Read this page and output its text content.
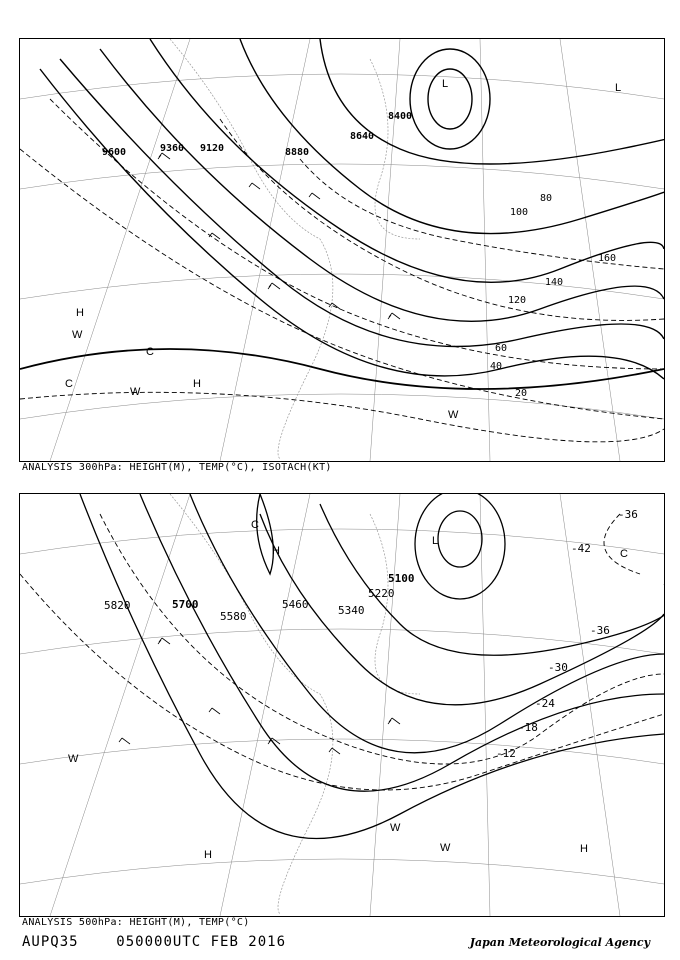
9600	9360 9120	8880
8640
8400
20
40
60
80
100
120
140
160
H
H
L	L
C
C
W
W
W
ANALYSIS 300hPa: HEIGHT(M), TEMP(°C), ISOTACH(KT)
5820	5700
5580
5460	5340
5220
5100
-36
-42
-36
-30
-24
-18
-12
H
H	H
L
C
C
W
W
W
ANALYSIS 500hPa: HEIGHT(M), TEMP(°C)
AUPQ35	050000UTC FEB 2016	Japan Meteorological Agency
